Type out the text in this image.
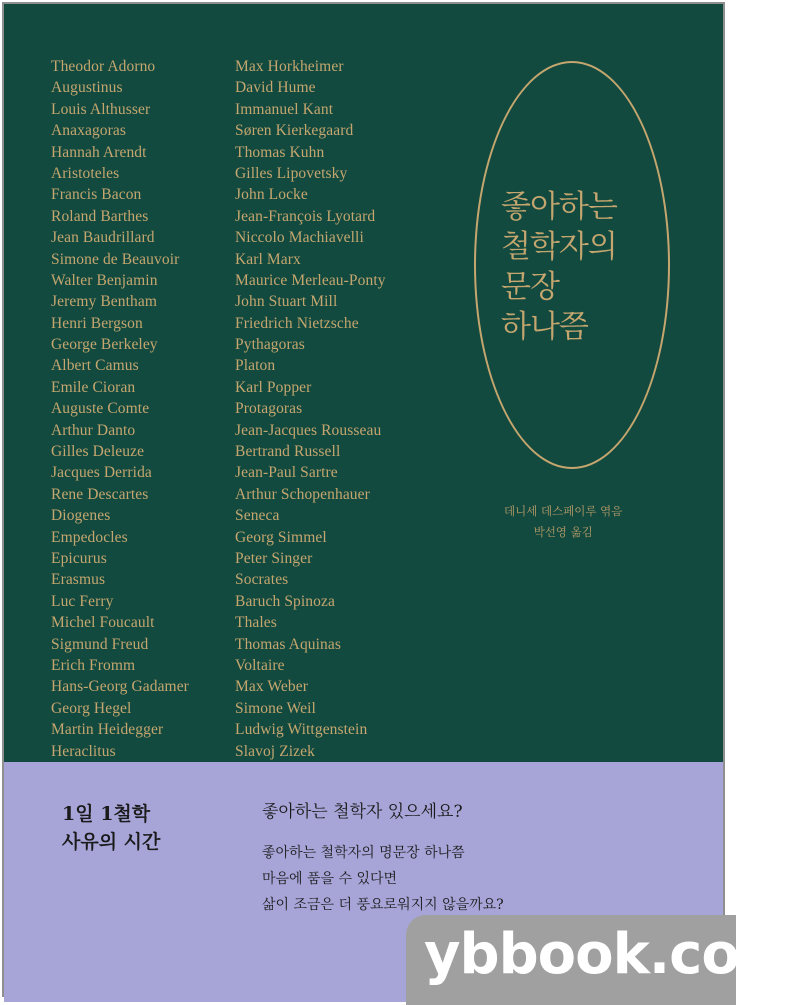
Theodor Adorno
Augustinus
Louis Althusser
Anaxagoras
Hannah Arendt
Aristoteles
Francis Bacon
Roland Barthes
Jean Baudrillard
Simone de Beauvoir
Walter Benjamin
Jeremy Bentham
Henri Bergson
George Berkeley
Albert Camus
Emile Cioran
Auguste Comte
Arthur Danto
Gilles Deleuze
Jacques Derrida
Rene Descartes
Diogenes
Empedocles
Epicurus
Erasmus
Luc Ferry
Michel Foucault
Sigmund Freud
Erich Fromm
Hans-Georg Gadamer
Georg Hegel
Martin Heidegger
Heraclitus
Max Horkheimer
David Hume
Immanuel Kant
Søren Kierkegaard
Thomas Kuhn
Gilles Lipovetsky
John Locke
Jean-François Lyotard
Niccolo Machiavelli
Karl Marx
Maurice Merleau-Ponty
John Stuart Mill
Friedrich Nietzsche
Pythagoras
Platon
Karl Popper
Protagoras
Jean-Jacques Rousseau
Bertrand Russell
Jean-Paul Sartre
Arthur Schopenhauer
Seneca
Georg Simmel
Peter Singer
Socrates
Baruch Spinoza
Thales
Thomas Aquinas
Voltaire
Max Weber
Simone Weil
Ludwig Wittgenstein
Slavoj Zizek
좋아하는
철학자의
문장
하나쯤
데니세 데스페이루 엮음
박선영 옮김
1일 1철학
사유의 시간
좋아하는 철학자 있으세요?
좋아하는 철학자의 명문장 하나쯤
마음에 품을 수 있다면
삶이 조금은 더 풍요로워지지 않을까요?
ybbook.com
